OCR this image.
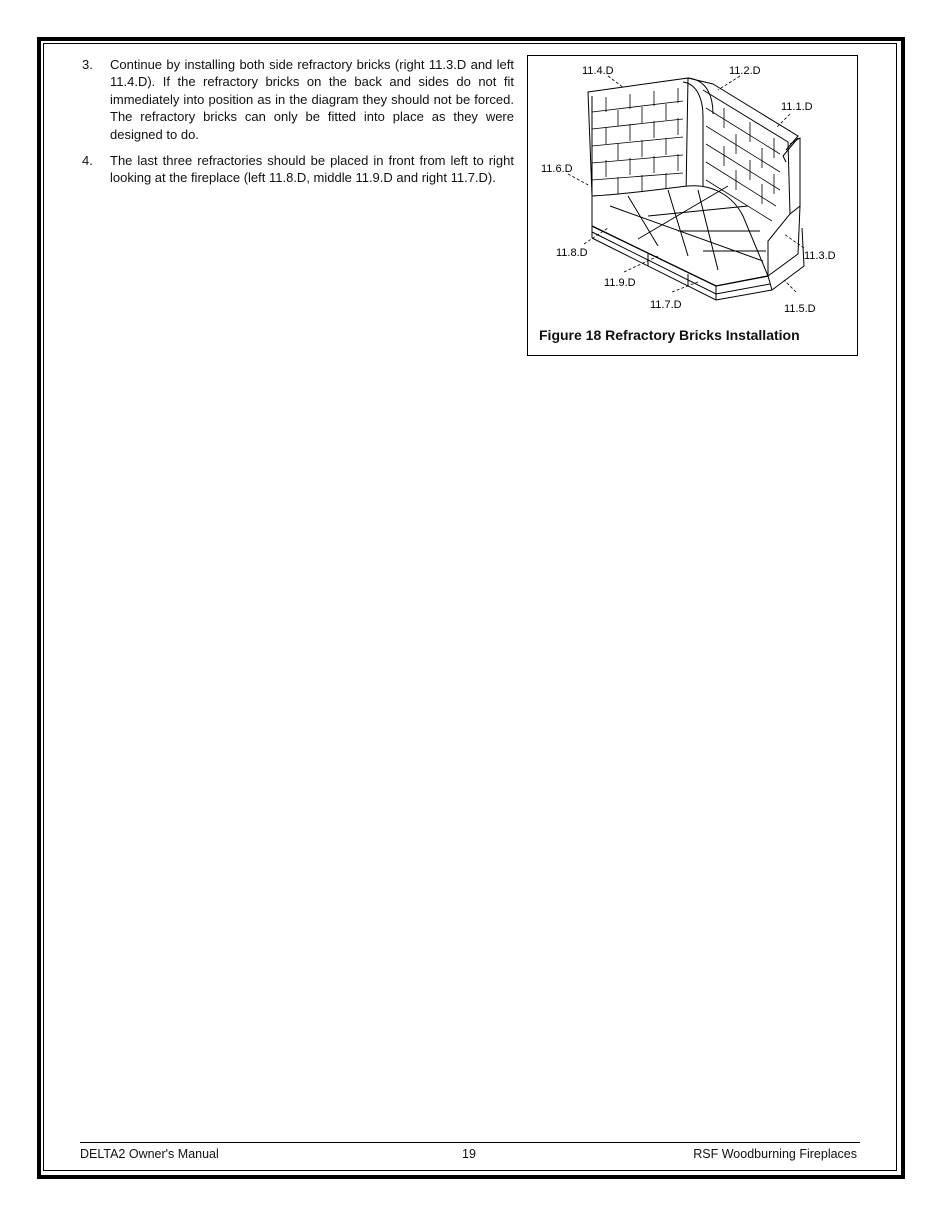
3. Continue by installing both side refractory bricks (right 11.3.D and left 11.4.D). If the refractory bricks on the back and sides do not fit immediately into position as in the diagram they should not be forced. The refractory bricks can only be fitted into place as they were designed to do.
4. The last three refractories should be placed in front from left to right looking at the fireplace (left 11.8.D, middle 11.9.D and right 11.7.D).
11.4.D	11.2.D
11.1.D
11.6.D
11.8.D	11.3.D
11.9.D
11.7.D	11.5.D
Figure 18 Refractory Bricks Installation
DELTA2 Owner's Manual	19	RSF Woodburning Fireplaces
